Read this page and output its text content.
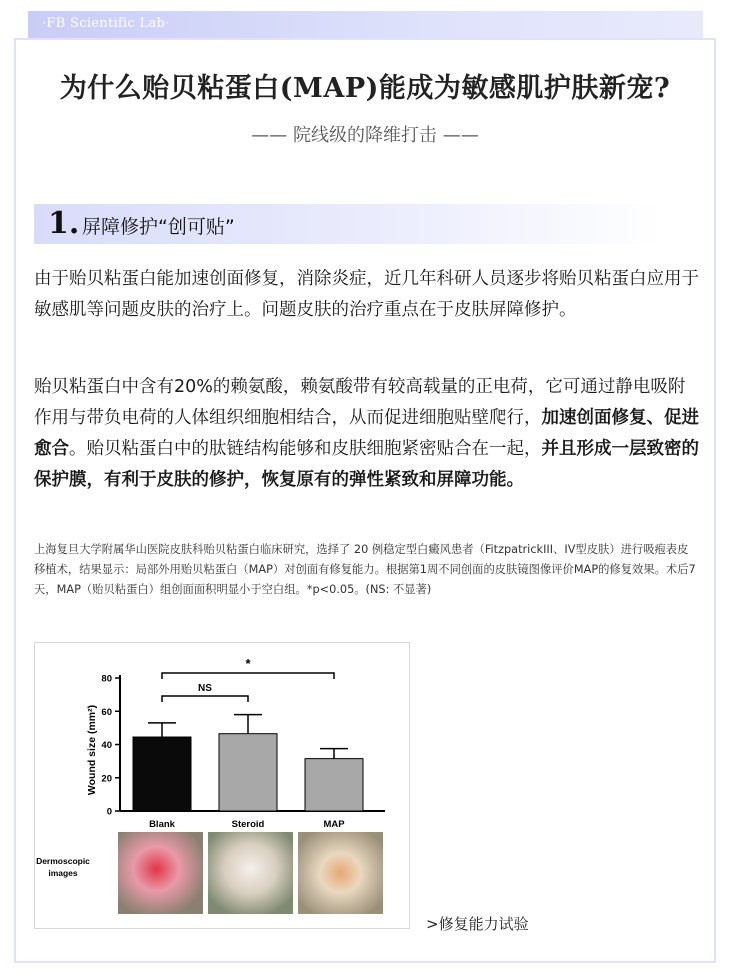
·FB Scientific Lab·
为什么贻贝粘蛋白(MAP)能成为敏感肌护肤新宠?
—— 院线级的降维打击 ——
1. 屏障修护“创可贴”
由于贻贝粘蛋白能加速创面修复，消除炎症，近几年科研人员逐步将贻贝粘蛋白应用于敏感肌等问题皮肤的治疗上。问题皮肤的治疗重点在于皮肤屏障修护。
贻贝粘蛋白中含有20%的赖氨酸，赖氨酸带有较高载量的正电荷，它可通过静电吸附作用与带负电荷的人体组织细胞相结合，从而促进细胞贴壁爬行，加速创面修复、促进愈合。贻贝粘蛋白中的肽链结构能够和皮肤细胞紧密贴合在一起，并且形成一层致密的保护膜，有利于皮肤的修护，恢复原有的弹性紧致和屏障功能。
上海复旦大学附属华山医院皮肤科贻贝粘蛋白临床研究，选择了 20 例稳定型白癜风患者（FitzpatrickIII、IV型皮肤）进行吸疱表皮移植术，结果显示：局部外用贻贝粘蛋白（MAP）对创面有修复能力。根据第1周不同创面的皮肤镜图像评价MAP的修复效果。术后7天，MAP（贻贝粘蛋白）组创面面积明显小于空白组。*p<0.05。(NS: 不显著)
Wound size (mm²)
0
20
40
60
80
Blank	Steroid	MAP
NS
*
Dermoscopic
images
>修复能力试验
